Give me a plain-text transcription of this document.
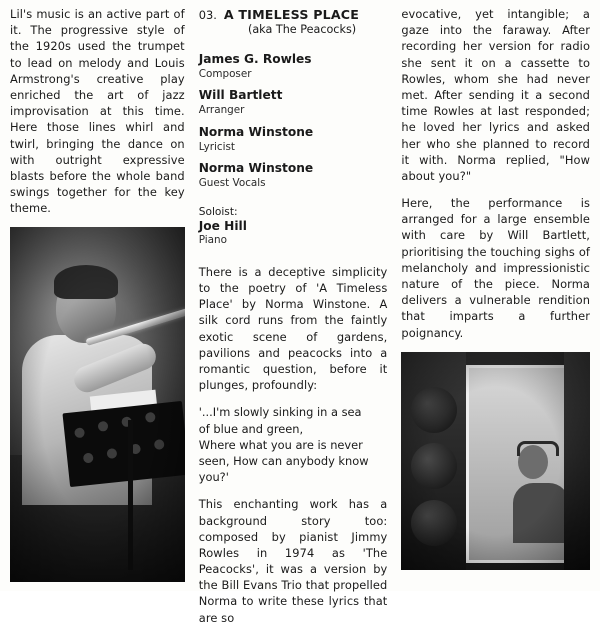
Lil's music is an active part of it. The progressive style of the 1920s used the trumpet to lead on melody and Louis Armstrong's creative play enriched the art of jazz improvisation at this time. Here those lines whirl and twirl, bringing the dance on with outright expressive blasts before the whole band swings together for the key theme.

03. A TIMELESS PLACE
(aka The Peacocks)
James G. Rowles
Composer
Will Bartlett
Arranger
Norma Winstone
Lyricist
Norma Winstone
Guest Vocals
Soloist:
Joe Hill
Piano

There is a deceptive simplicity to the poetry of 'A Timeless Place' by Norma Winstone. A silk cord runs from the faintly exotic scene of gardens, pavilions and peacocks into a romantic question, before it plunges, profoundly:

'...I'm slowly sinking in a sea
of blue and green,
Where what you are is never
seen, How can anybody know
you?'

This enchanting work has a background story too: composed by pianist Jimmy Rowles in 1974 as 'The Peacocks', it was a version by the Bill Evans Trio that propelled Norma to write these lyrics that are so

evocative, yet intangible; a gaze into the faraway. After recording her version for radio she sent it on a cassette to Rowles, whom she had never met. After sending it a second time Rowles at last responded; he loved her lyrics and asked her who she planned to record it with. Norma replied, "How about you?"

Here, the performance is arranged for a large ensemble with care by Will Bartlett, prioritising the touching sighs of melancholy and impressionistic nature of the piece. Norma delivers a vulnerable rendition that imparts a further poignancy.
